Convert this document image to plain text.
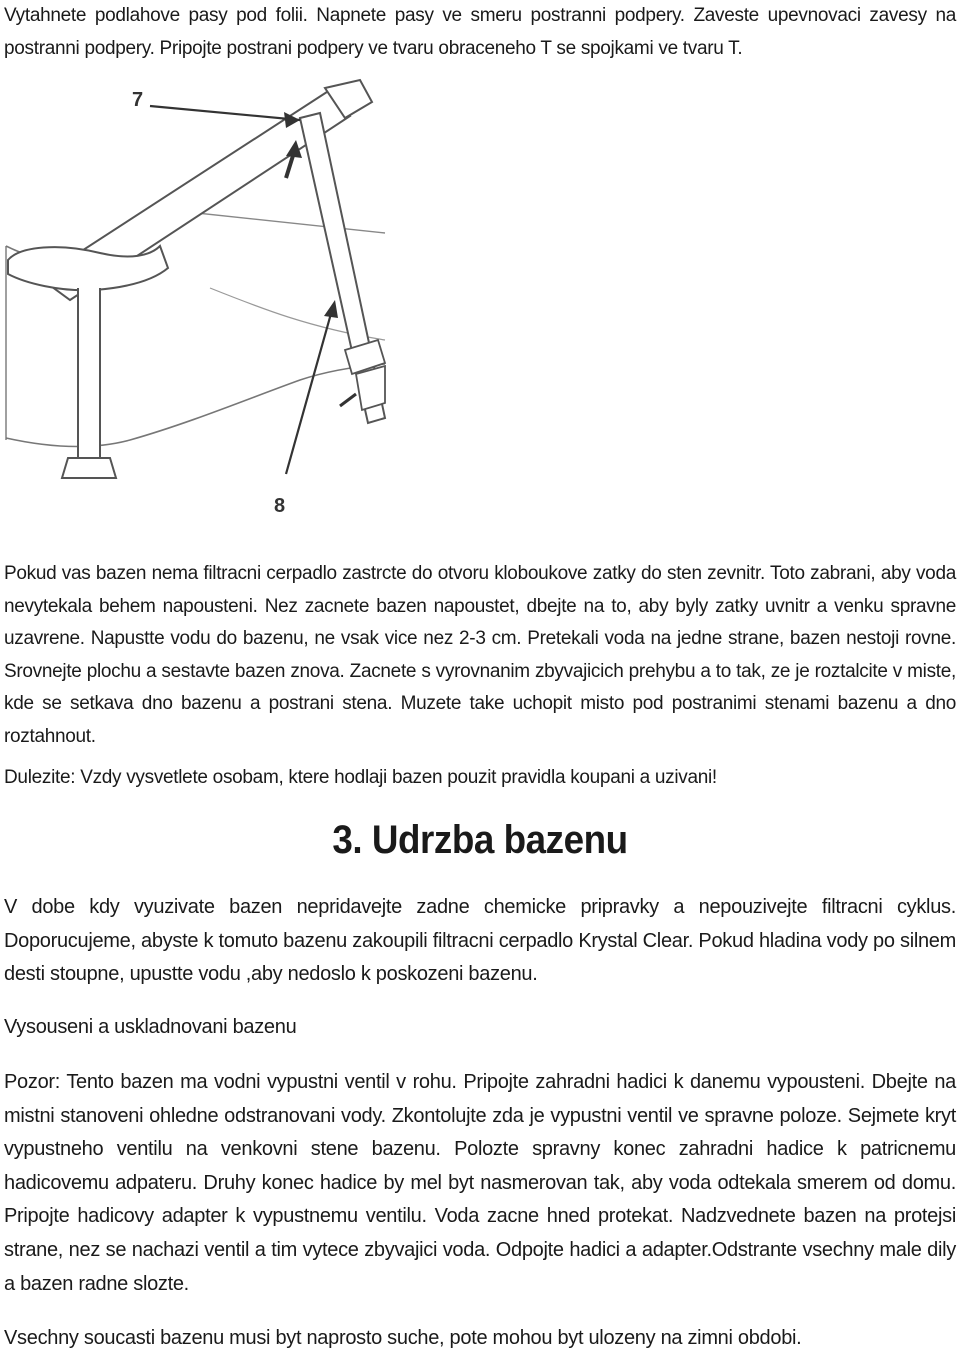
Vytahnete podlahove pasy pod folii. Napnete pasy ve smeru postranni podpery. Zaveste upevnovaci zavesy na postranni podpery. Pripojte postrani podpery ve tvaru obraceneho T se spojkami ve tvaru T.

7
8

Pokud vas bazen nema filtracni cerpadlo zastrcte do otvoru kloboukove zatky do sten zevnitr. Toto zabrani, aby voda nevytekala behem napousteni. Nez zacnete bazen napoustet, dbejte na to, aby byly zatky uvnitr a venku spravne uzavrene. Napustte vodu do bazenu, ne vsak vice nez 2-3 cm. Pretekali voda na jedne strane, bazen nestoji rovne. Srovnejte plochu a sestavte bazen znova. Zacnete s vyrovnanim zbyvajicich prehybu a to tak, ze je roztalcite v miste, kde se setkava dno bazenu a postrani stena. Muzete take uchopit misto pod postranimi stenami bazenu a dno roztahnout.

Dulezite: Vzdy vysvetlete osobam, ktere hodlaji bazen pouzit pravidla koupani a uzivani!

3. Udrzba bazenu

V dobe kdy vyuzivate bazen nepridavejte zadne chemicke pripravky a nepouzivejte filtracni cyklus. Doporucujeme, abyste k tomuto bazenu zakoupili filtracni cerpadlo Krystal Clear. Pokud hladina vody po silnem desti stoupne, upustte vodu ,aby nedoslo k poskozeni bazenu.

Vysouseni a uskladnovani bazenu

Pozor: Tento bazen ma vodni vypustni ventil v rohu. Pripojte zahradni hadici k danemu vypousteni. Dbejte na mistni stanoveni ohledne odstranovani vody. Zkontolujte zda je vypustni ventil ve spravne poloze. Sejmete kryt vypustneho ventilu na venkovni stene bazenu. Polozte spravny konec zahradni hadice k patricnemu hadicovemu adpateru. Druhy konec hadice by mel byt nasmerovan tak, aby voda odtekala smerem od domu. Pripojte hadicovy adapter k vypustnemu ventilu. Voda zacne hned protekat. Nadzvednete bazen na protejsi strane, nez se nachazi ventil a tim vytece zbyvajici voda. Odpojte hadici a adapter.Odstrante vsechny male dily a bazen radne slozte.

Vsechny soucasti bazenu musi byt naprosto suche, pote mohou byt ulozeny na zimni obdobi.
